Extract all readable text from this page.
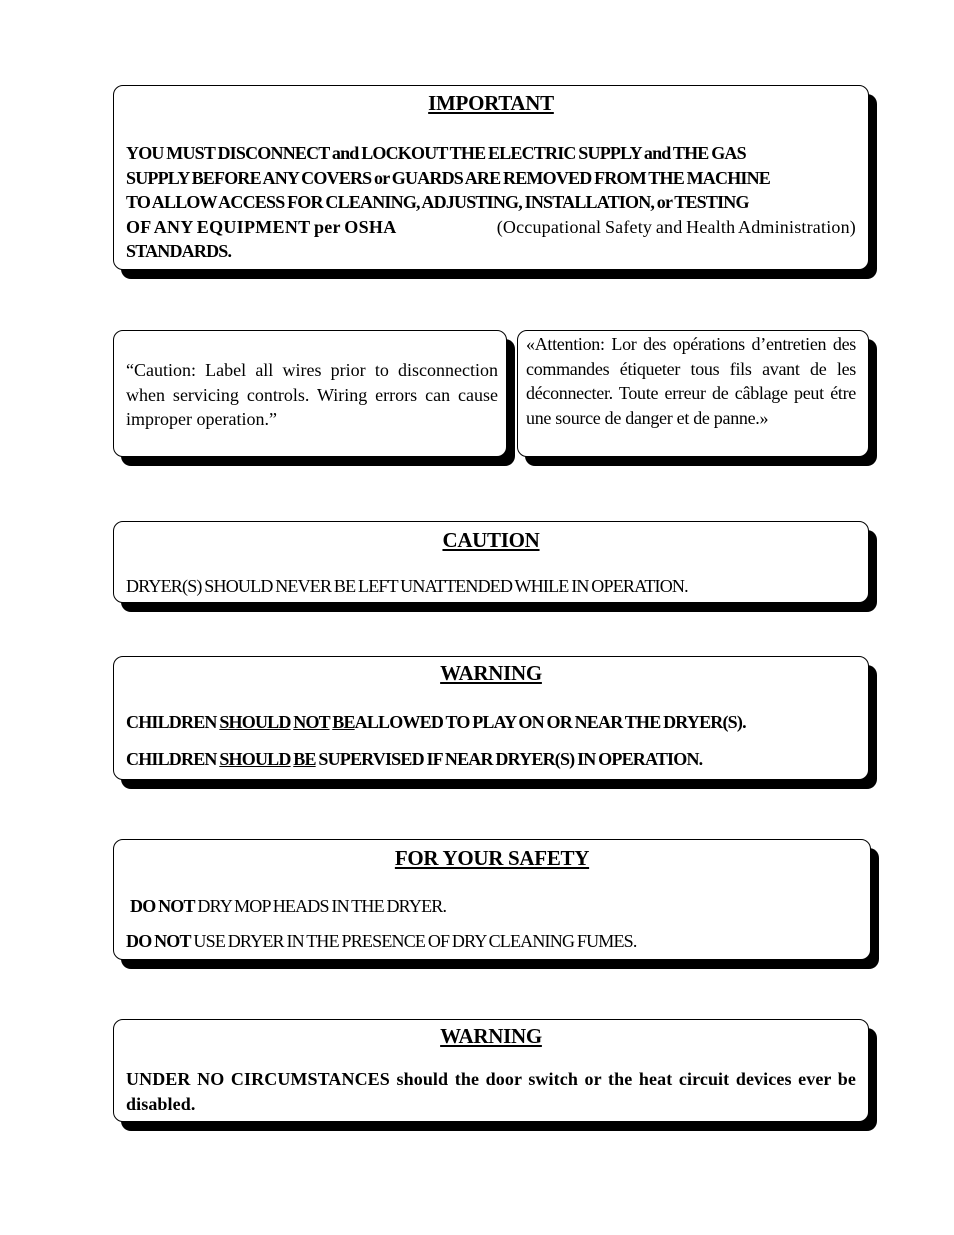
IMPORTANT
YOU MUST DISCONNECT and LOCKOUT THE ELECTRIC SUPPLY and THE GAS
SUPPLY BEFORE ANY COVERS or GUARDS ARE REMOVED FROM THE MACHINE
TO ALLOW ACCESS FOR CLEANING, ADJUSTING, INSTALLATION, or TESTING
OF ANY EQUIPMENT per OSHA	(Occupational Safety and Health Administration)
STANDARDS.
“Caution: Label all wires prior to disconnection when servicing controls. Wiring errors can cause improper operation.”
«Attention: Lor des opérations d’entretien des commandes étiqueter tous fils avant de les déconnecter. Toute erreur de câblage peut étre une source de danger et de panne.»
CAUTION
DRYER(S) SHOULD NEVER BE LEFT UNATTENDED WHILE IN OPERATION.
WARNING
CHILDREN SHOULD NOT BEALLOWED TO PLAY ON OR NEAR THE DRYER(S).
CHILDREN SHOULD BE SUPERVISED IF NEAR DRYER(S) IN OPERATION.
FOR YOUR SAFETY
DO NOT DRY MOP HEADS IN THE DRYER.
DO NOT USE DRYER IN THE PRESENCE OF DRY CLEANING FUMES.
WARNING
UNDER NO CIRCUMSTANCES should the door switch or the heat circuit devices ever be disabled.
